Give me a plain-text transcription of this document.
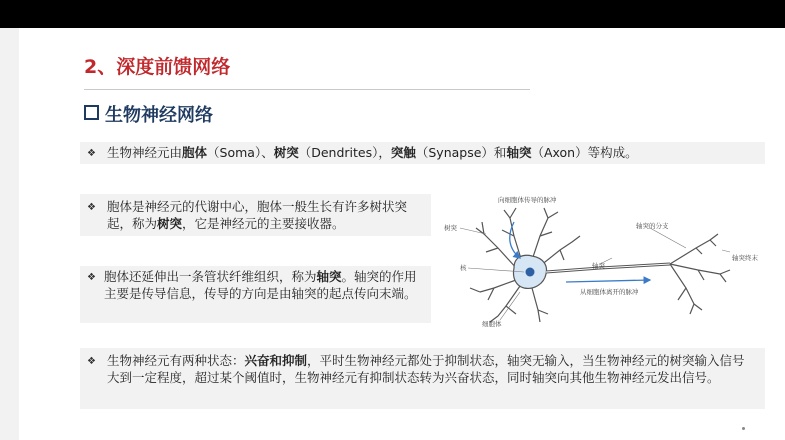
2、深度前馈网络
生物神经网络
❖ 生物神经元由胞体（Soma）、树突（Dendrites），突触（Synapse）和轴突（Axon）等构成。
❖ 胞体是神经元的代谢中心，胞体一般生长有许多树状突起，称为树突，它是神经元的主要接收器。
❖ 胞体还延伸出一条管状纤维组织，称为轴突。轴突的作用主要是传导信息，传导的方向是由轴突的起点传向末端。
❖ 生物神经元有两种状态：兴奋和抑制，平时生物神经元都处于抑制状态，轴突无输入，当生物神经元的树突输入信号大到一定程度，超过某个阈值时，生物神经元有抑制状态转为兴奋状态，同时轴突向其他生物神经元发出信号。
向细胞体传导的脉冲
树突	轴突的分支
核	轴突
轴突终末
从细胞体离开的脉冲
细胞体
